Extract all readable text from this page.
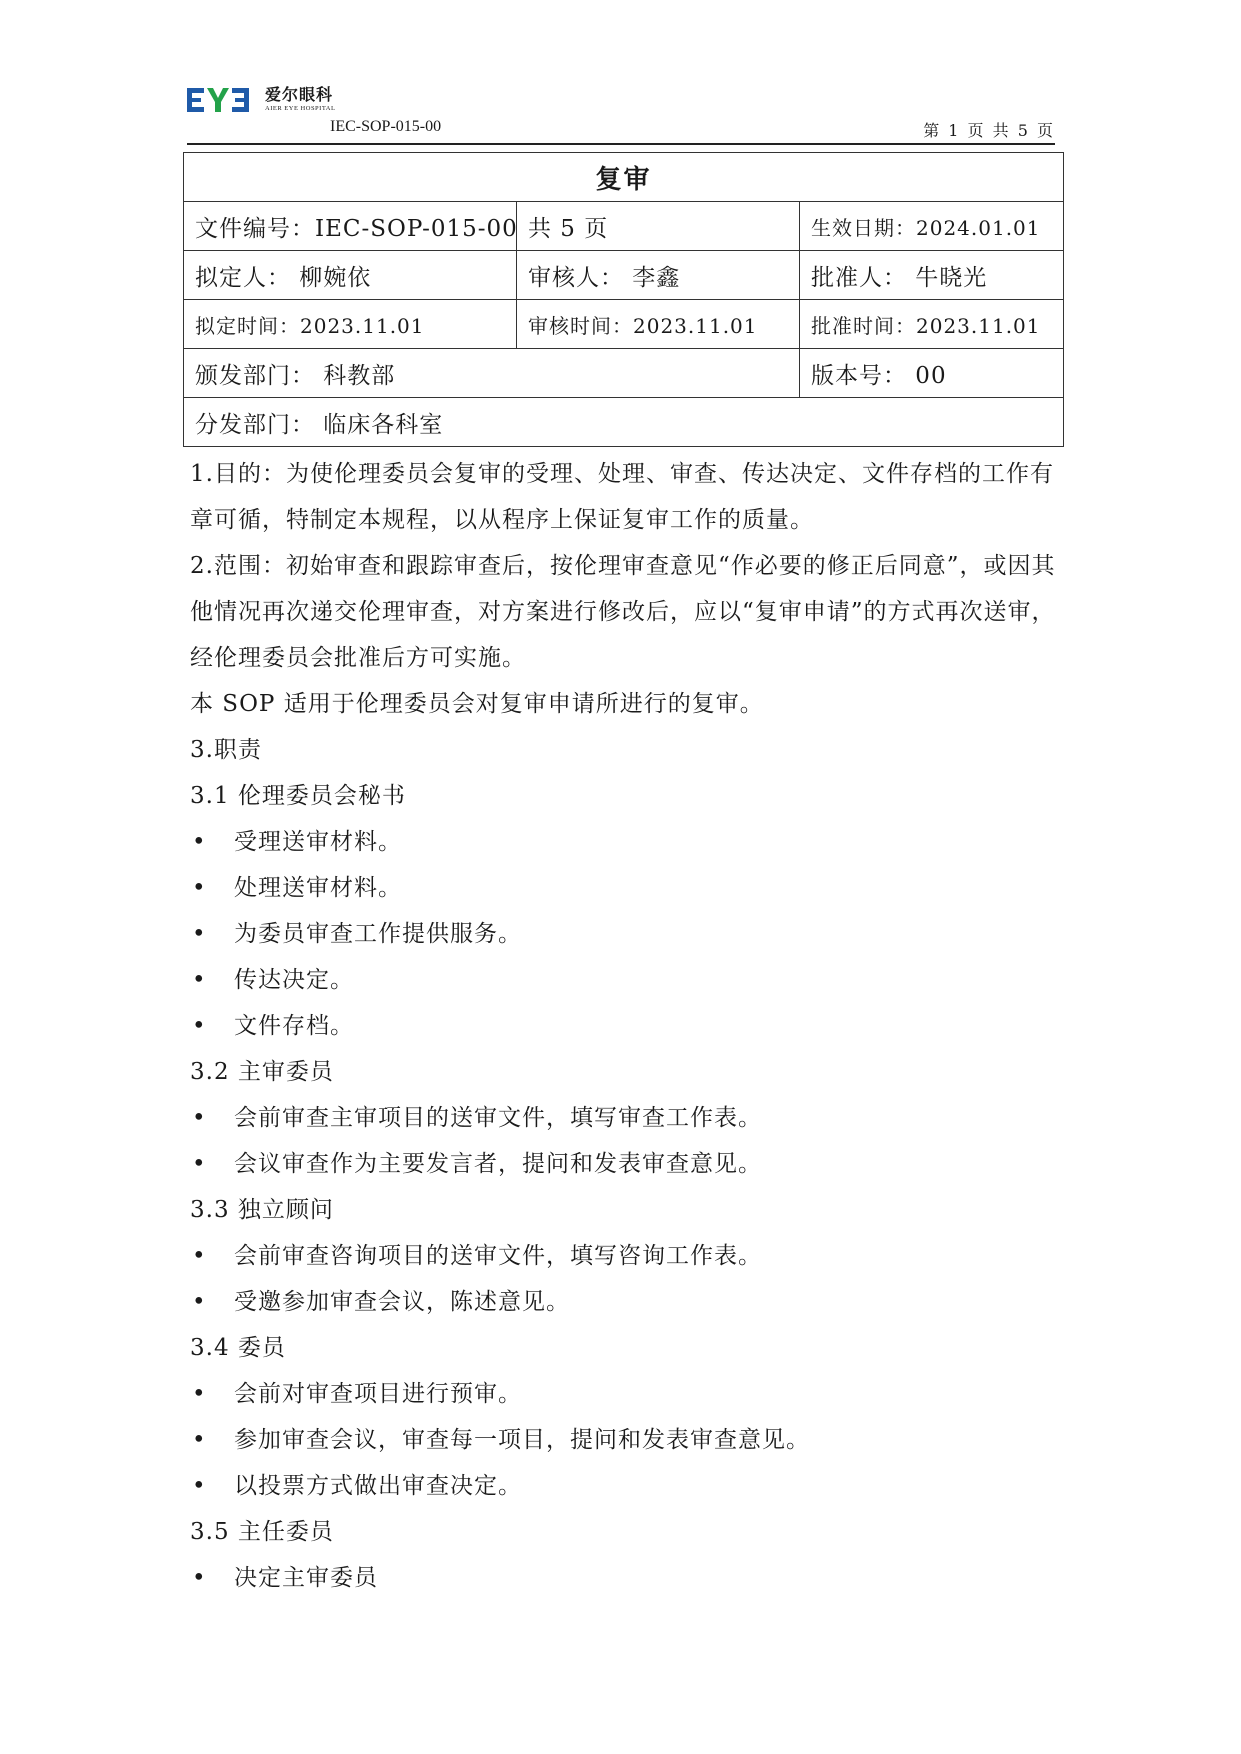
爱尔眼科
AIER EYE HOSPITAL
IEC-SOP-015-00	第 1 页 共 5 页
复审		
文件编号：IEC-SOP-015-00	共 5 页	生效日期：2024.01.01
拟定人： 柳婉依	审核人： 李鑫	批准人： 牛晓光
拟定时间：2023.11.01	审核时间：2023.11.01	批准时间：2023.11.01
颁发部门： 科教部		版本号： 00
分发部门： 临床各科室		

1.目的：为使伦理委员会复审的受理、处理、审查、传达决定、文件存档的工作有章可循，特制定本规程，以从程序上保证复审工作的质量。

2.范围：初始审查和跟踪审查后，按伦理审查意见“作必要的修正后同意”，或因其他情况再次递交伦理审查，对方案进行修改后，应以“复审申请”的方式再次送审，经伦理委员会批准后方可实施。

本 SOP 适用于伦理委员会对复审申请所进行的复审。

3.职责

3.1 伦理委员会秘书

• 受理送审材料。
• 处理送审材料。
• 为委员审查工作提供服务。
• 传达决定。
• 文件存档。

3.2 主审委员

• 会前审查主审项目的送审文件，填写审查工作表。
• 会议审查作为主要发言者，提问和发表审查意见。

3.3 独立顾问

• 会前审查咨询项目的送审文件，填写咨询工作表。
• 受邀参加审查会议，陈述意见。

3.4 委员

• 会前对审查项目进行预审。
• 参加审查会议，审查每一项目，提问和发表审查意见。
• 以投票方式做出审查决定。

3.5 主任委员

• 决定主审委员
